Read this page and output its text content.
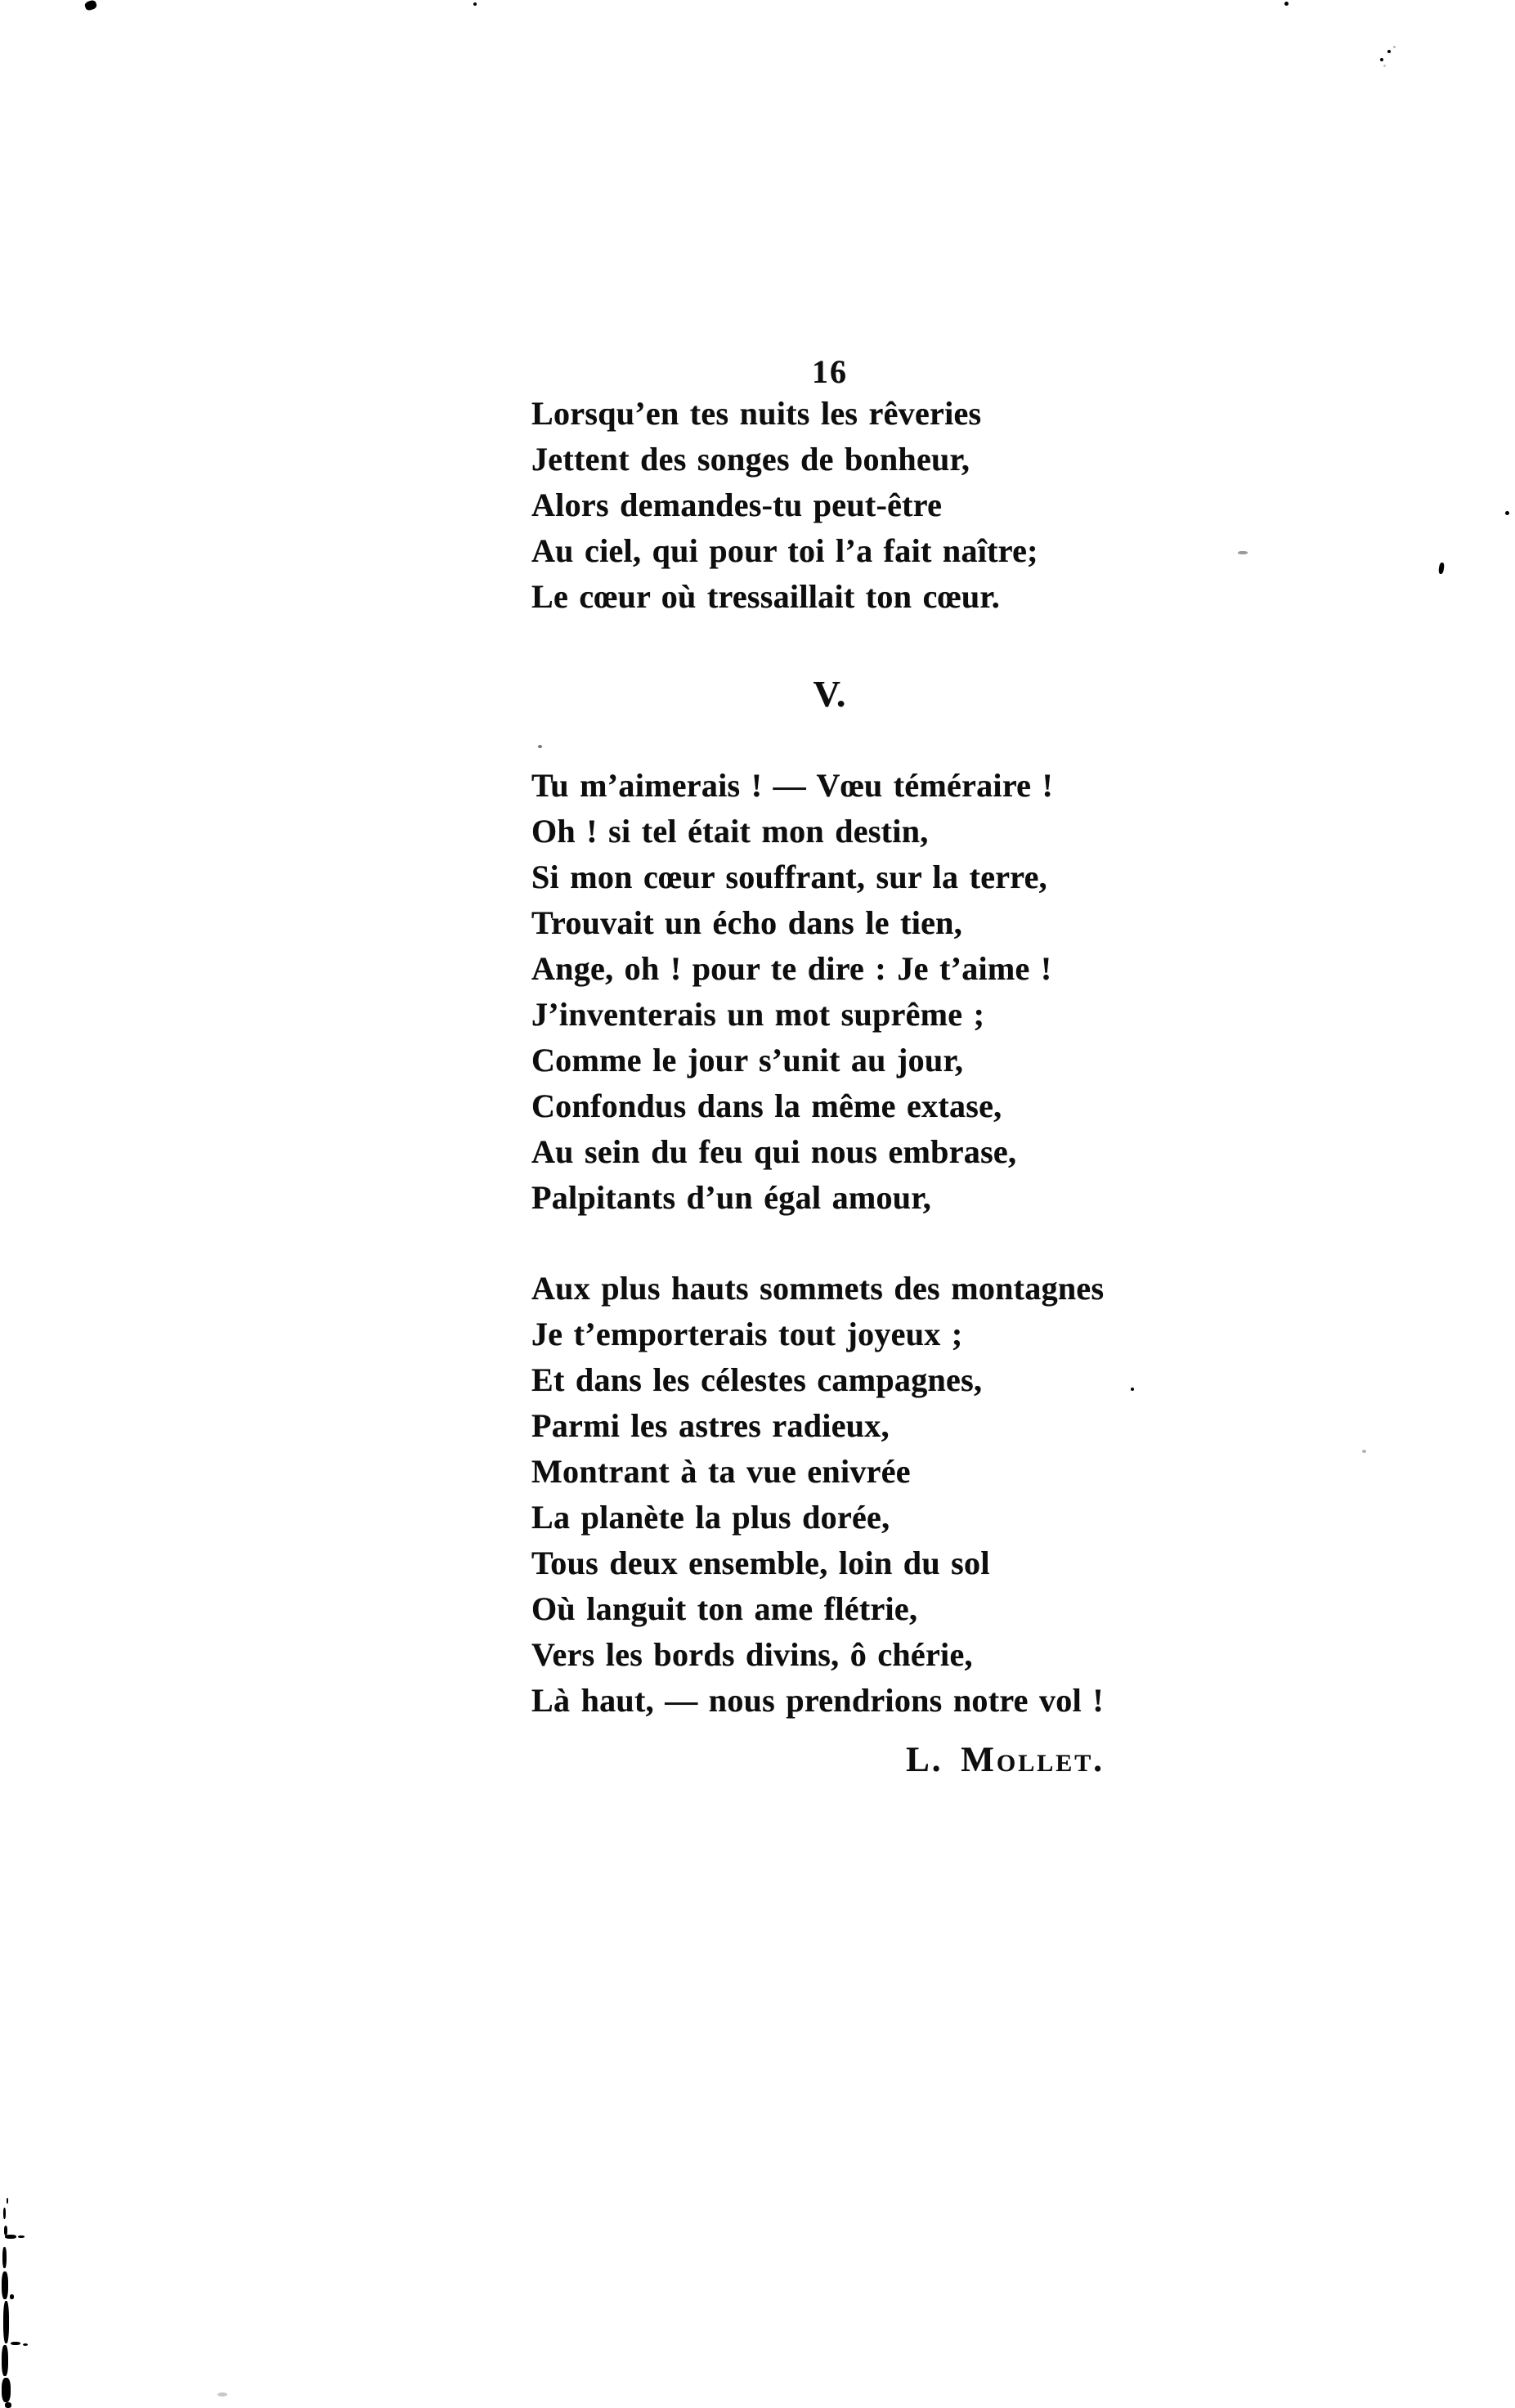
16
Lorsqu’en tes nuits les rêveries
Jettent des songes de bonheur,
Alors demandes-tu peut-être
Au ciel, qui pour toi l’a fait naître;
Le cœur où tressaillait ton cœur.
V.
Tu m’aimerais ! — Vœu téméraire !
Oh ! si tel était mon destin,
Si mon cœur souffrant, sur la terre,
Trouvait un écho dans le tien,
Ange, oh ! pour te dire : Je t’aime !
J’inventerais un mot suprême ;
Comme le jour s’unit au jour,
Confondus dans la même extase,
Au sein du feu qui nous embrase,
Palpitants d’un égal amour,
Aux plus hauts sommets des montagnes
Je t’emporterais tout joyeux ;
Et dans les célestes campagnes,
Parmi les astres radieux,
Montrant à ta vue enivrée
La planète la plus dorée,
Tous deux ensemble, loin du sol
Où languit ton ame flétrie,
Vers les bords divins, ô chérie,
Là haut, — nous prendrions notre vol !
L. Mollet.
